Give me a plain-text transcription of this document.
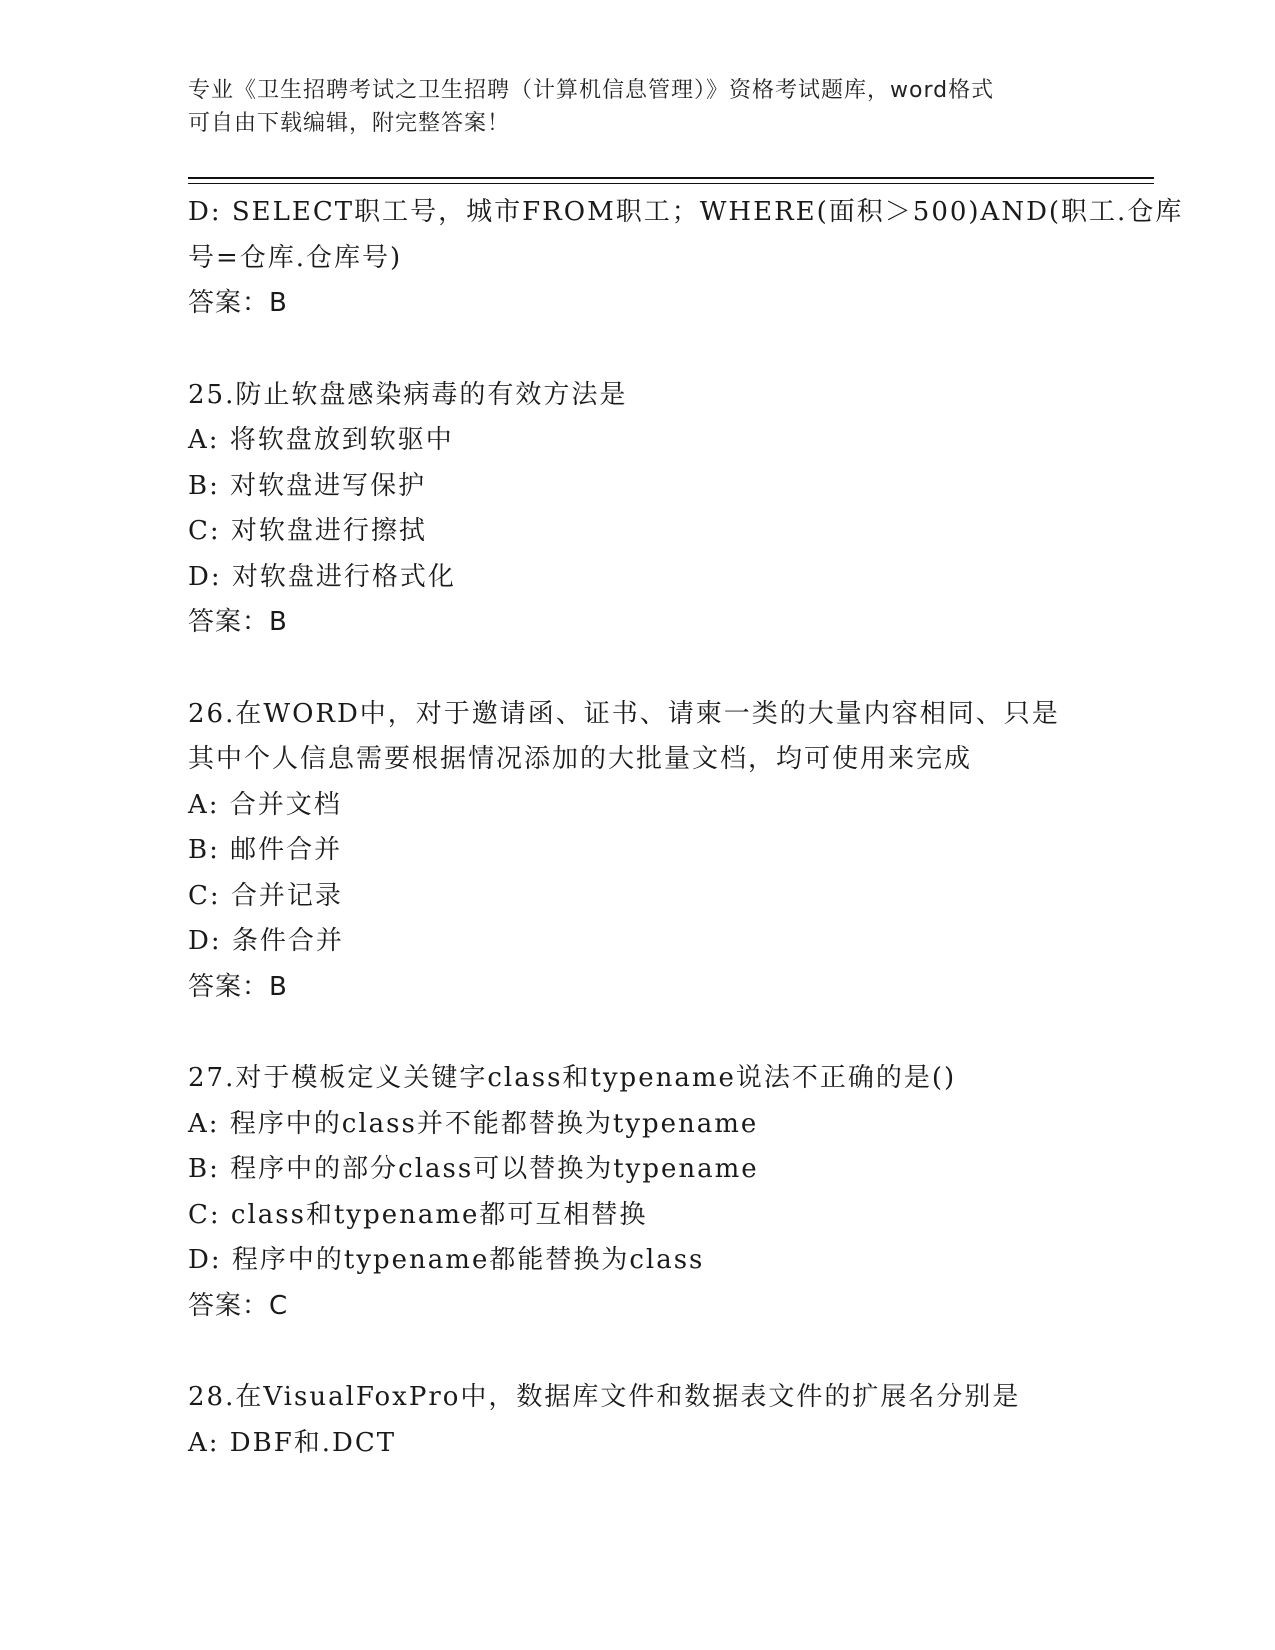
专业《卫生招聘考试之卫生招聘（计算机信息管理）》资格考试题库，word格式
可自由下载编辑，附完整答案！
D: SELECT职工号，城市FROM职工；WHERE(面积＞500)AND(职工.仓库
号=仓库.仓库号)
答案：B
25.防止软盘感染病毒的有效方法是
A: 将软盘放到软驱中
B: 对软盘进写保护
C: 对软盘进行擦拭
D: 对软盘进行格式化
答案：B
26.在WORD中，对于邀请函、证书、请柬一类的大量内容相同、只是
其中个人信息需要根据情况添加的大批量文档，均可使用来完成
A: 合并文档
B: 邮件合并
C: 合并记录
D: 条件合并
答案：B
27.对于模板定义关键字class和typename说法不正确的是()
A: 程序中的class并不能都替换为typename
B: 程序中的部分class可以替换为typename
C: class和typename都可互相替换
D: 程序中的typename都能替换为class
答案：C
28.在VisualFoxPro中，数据库文件和数据表文件的扩展名分别是
A: DBF和.DCT
